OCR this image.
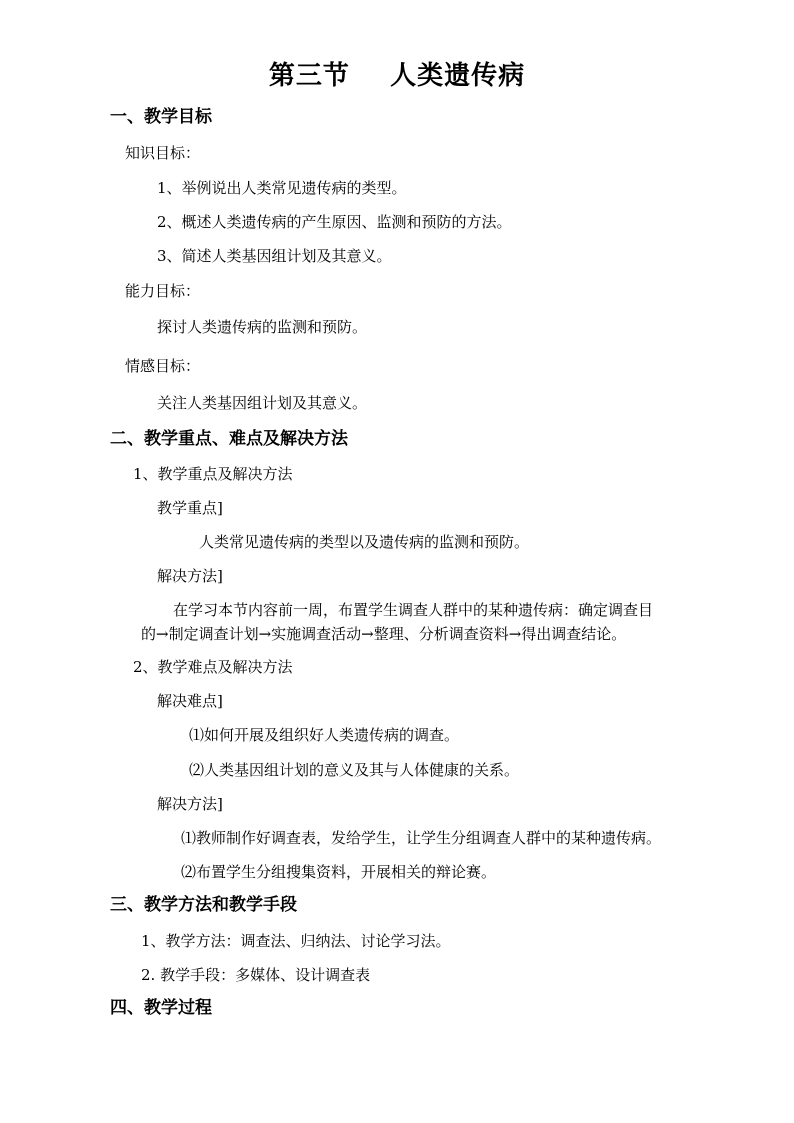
第三节    人类遗传病
一、教学目标
知识目标：
1、举例说出人类常见遗传病的类型。
2、概述人类遗传病的产生原因、监测和预防的方法。
3、简述人类基因组计划及其意义。
能力目标：
探讨人类遗传病的监测和预防。
情感目标：
关注人类基因组计划及其意义。
二、教学重点、难点及解决方法
1、教学重点及解决方法
教学重点]
人类常见遗传病的类型以及遗传病的监测和预防。
解决方法]
在学习本节内容前一周，布置学生调查人群中的某种遗传病：确定调查目
的→制定调查计划→实施调查活动→整理、分析调查资料→得出调查结论。
2、教学难点及解决方法
解决难点]
⑴如何开展及组织好人类遗传病的调查。
⑵人类基因组计划的意义及其与人体健康的关系。
解决方法]
⑴教师制作好调查表，发给学生，让学生分组调查人群中的某种遗传病。
⑵布置学生分组搜集资料，开展相关的辩论赛。
三、教学方法和教学手段
1、教学方法：调查法、归纳法、讨论学习法。
2. 教学手段：多媒体、设计调查表
四、教学过程
